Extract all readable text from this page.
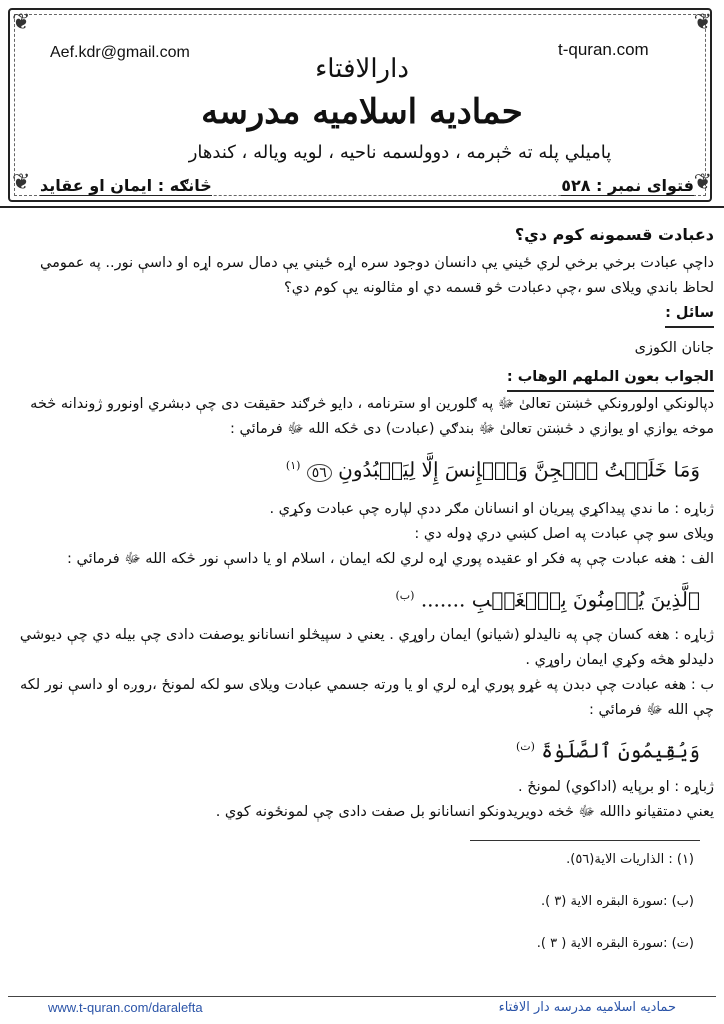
❦	❦
❦	❦
Aef.kdr@gmail.com	t-quran.com
دارالافتاء
حمادیه اسلامیه مدرسه
پامیلي پله ته څېرمه ، دوولسمه ناحیه ، لویه ویاله ، کندهار
فتوای نمبر : ٥٢٨
څانګه : ایمان او عقاید

دعبادت قسمونه کوم دي؟

داچې عبادت برخي برخي لري ځيني يې دانسان دوجود سره اړه ځيني يې دمال سره اړه او داسې نور.. په عمومي لحاظ باندي ويلای سو ،چې دعبادت څو قسمه دي او مثالونه يې کوم دي؟

سائل :

جانان الکوزی

الجواب بعون الملهم الوهاب :

دپالونکي اولورونکي څښتن تعالیٰ ﷻ په ګلورين او سترنامه ، دايو څرګند حقيقت دی چې دبشري اونورو ژوندانه څخه موخه يوازي او يوازي د څښتن تعالیٰ ﷻ بندګي (عبادت) دی څکه الله ﷻ فرمائي :

وَمَا خَلَقۡتُ ٱلۡجِنَّ وَٱلۡإِنسَ إِلَّا لِيَعۡبُدُونِ ٥٦ $^{(١)}$

ژباړه : ما ندي پيداکړي پيريان او انسانان مګر ددې لپاره چې عبادت وکړي .

ويلای سو چې عبادت په اصل کښي دري ډوله دي :

الف : هغه عبادت چې په فکر او عقيده پوري اړه لري لکه ايمان ، اسلام او يا داسې نور څکه الله ﷻ فرمائي :

ٱلَّذِينَ يُؤۡمِنُونَ بِٱلۡغَيۡبِ ....... $^{(ب)}$

ژباړه : هغه کسان چې په ناليدلو (شيانو) ايمان راوړي . يعني د سپيڅلو انسانانو يوصفت دادی چې بيله دي چې ديوشي دليدلو هڅه وکړي ايمان راوړي .

ب : هغه عبادت چې دبدن په غړو پوري اړه لري او يا ورته جسمي عبادت ويلای سو لکه لمونځ ،روږه او داسې نور لکه چې الله ﷻ فرمائي :

وَيُقِيمُونَ ٱلصَّلَوٰةَ $^{(ت)}$

ژباړه : او برپايه (اداکوي) لمونځ .

يعني دمتقيانو داالله ﷻ څخه دويريدونکو انسانانو بل صفت دادی چې لمونځونه کوي .

(١) : الذاريات الاية(٥٦).
(ب) :سورة البقره الاية (٣ ).
(ت) :سورة البقره الاية ( ٣ ).
www.t-quran.com/daralefta	حمادیه اسلامیه مدرسه دار الافتاء
